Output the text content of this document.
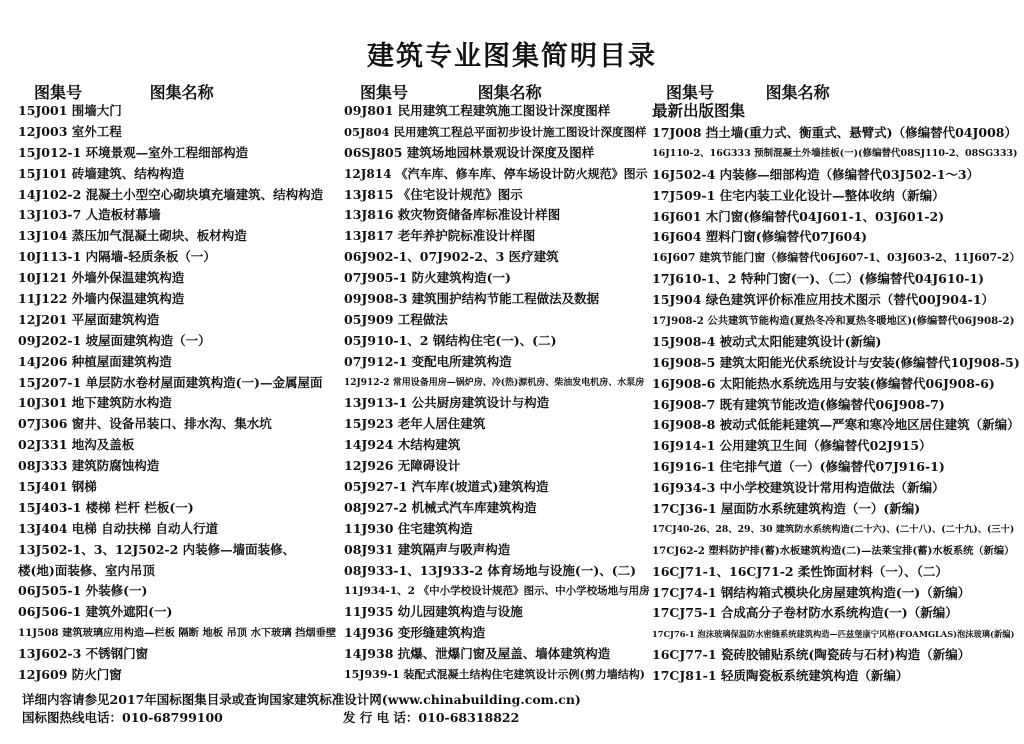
建筑专业图集简明目录
图集号	图集名称
15J001 围墙大门
12J003 室外工程
15J012-1 环境景观—室外工程细部构造
15J101 砖墙建筑、结构构造
14J102-2 混凝土小型空心砌块填充墙建筑、结构构造
13J103-7 人造板材幕墙
13J104 蒸压加气混凝土砌块、板材构造
10J113-1 内隔墙-轻质条板（一）
10J121 外墙外保温建筑构造
11J122 外墙内保温建筑构造
12J201 平屋面建筑构造
09J202-1 坡屋面建筑构造（一）
14J206 种植屋面建筑构造
15J207-1 单层防水卷材屋面建筑构造(一)—金属屋面
10J301 地下建筑防水构造
07J306 窗井、设备吊装口、排水沟、集水坑
02J331 地沟及盖板
08J333 建筑防腐蚀构造
15J401 钢梯
15J403-1 楼梯 栏杆 栏板(一)
13J404 电梯 自动扶梯 自动人行道
13J502-1、3、12J502-2 内装修—墙面装修、
楼(地)面装修、室内吊顶
06J505-1 外装修(一)
06J506-1 建筑外遮阳(一)
11J508 建筑玻璃应用构造—栏板 隔断 地板 吊顶 水下玻璃 挡烟垂壁
13J602-3 不锈钢门窗
12J609 防火门窗
图集号	图集名称
09J801 民用建筑工程建筑施工图设计深度图样
05J804 民用建筑工程总平面初步设计施工图设计深度图样
06SJ805 建筑场地园林景观设计深度及图样
12J814 《汽车库、修车库、停车场设计防火规范》图示
13J815 《住宅设计规范》图示
13J816 救灾物资储备库标准设计样图
13J817 老年养护院标准设计样图
06J902-1、07J902-2、3 医疗建筑
07J905-1 防火建筑构造(一)
09J908-3 建筑围护结构节能工程做法及数据
05J909 工程做法
05J910-1、2 钢结构住宅(一)、(二)
07J912-1 变配电所建筑构造
12J912-2 常用设备用房—锅炉房、冷(热)源机房、柴油发电机房、水泵房
13J913-1 公共厨房建筑设计与构造
15J923 老年人居住建筑
14J924 木结构建筑
12J926 无障碍设计
05J927-1 汽车库(坡道式)建筑构造
08J927-2 机械式汽车库建筑构造
11J930 住宅建筑构造
08J931 建筑隔声与吸声构造
08J933-1、13J933-2 体育场地与设施(一)、(二)
11J934-1、2 《中小学校设计规范》图示、中小学校场地与用房
11J935 幼儿园建筑构造与设施
14J936 变形缝建筑构造
14J938 抗爆、泄爆门窗及屋盖、墙体建筑构造
15J939-1 装配式混凝土结构住宅建筑设计示例(剪力墙结构)
图集号	图集名称
最新出版图集
17J008 挡土墙(重力式、衡重式、悬臂式)（修编替代04J008）
16J110-2、16G333 预制混凝土外墙挂板(一)(修编替代08SJ110-2、08SG333)
16J502-4 内装修—细部构造（修编替代03J502-1～3）
17J509-1 住宅内装工业化设计—整体收纳（新编）
16J601 木门窗(修编替代04J601-1、03J601-2)
16J604 塑料门窗(修编替代07J604)
16J607 建筑节能门窗（修编替代06J607-1、03J603-2、11J607-2）
17J610-1、2 特种门窗(一)、（二）(修编替代04J610-1)
15J904 绿色建筑评价标准应用技术图示（替代00J904-1）
17J908-2 公共建筑节能构造(夏热冬冷和夏热冬暖地区)(修编替代06J908-2)
15J908-4 被动式太阳能建筑设计(新编)
16J908-5 建筑太阳能光伏系统设计与安装(修编替代10J908-5)
16J908-6 太阳能热水系统选用与安装(修编替代06J908-6)
16J908-7 既有建筑节能改造(修编替代06J908-7)
16J908-8 被动式低能耗建筑—严寒和寒冷地区居住建筑（新编）
16J914-1 公用建筑卫生间（修编替代02J915）
16J916-1 住宅排气道（一）(修编替代07J916-1)
16J934-3 中小学校建筑设计常用构造做法（新编）
17CJ36-1 屋面防水系统建筑构造（一）(新编)
17CJ40-26、28、29、30 建筑防水系统构造(二十六)、(二十八)、(二十九)、(三十)
17CJ62-2 塑料防护排(蓄)水板建筑构造(二)—法莱宝排(蓄)水板系统（新编）
16CJ71-1、16CJ71-2 柔性饰面材料（一）、（二）
17CJ74-1 钢结构箱式模块化房屋建筑构造(一)（新编）
17CJ75-1 合成高分子卷材防水系统构造(一)（新编）
17CJ76-1 泡沫玻璃保温防水密缝系统建筑构造—匹兹堡康宁风格(FOAMGLAS)泡沫玻璃(新编)
16CJ77-1 瓷砖胶铺贴系统(陶瓷砖与石材)构造（新编）
17CJ81-1 轻质陶瓷板系统建筑构造（新编）
详细内容请参见2017年国标图集目录或查询国家建筑标准设计网(www.chinabuilding.com.cn)
国标图热线电话：010-68799100	发 行 电 话：010-68318822
